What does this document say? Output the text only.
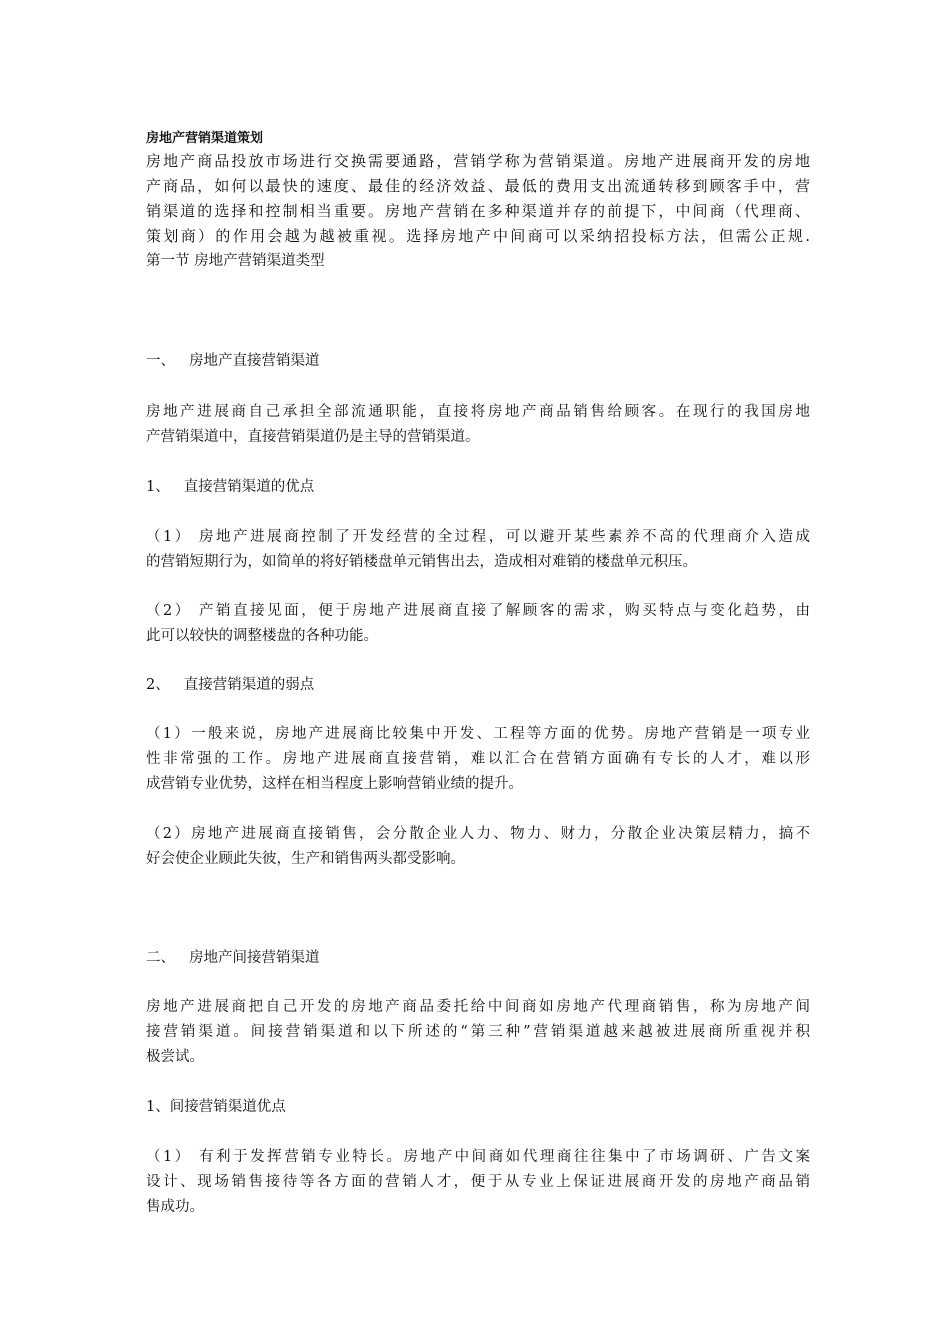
房地产营销渠道策划

房地产商品投放市场进行交换需要通路，营销学称为营销渠道。房地产进展商开发的房地

产商品，如何以最快的速度、最佳的经济效益、最低的费用支出流通转移到顾客手中，营

销渠道的选择和控制相当重要。房地产营销在多种渠道并存的前提下，中间商（代理商、

策划商）的作用会越为越被重视。选择房地产中间商可以采纳招投标方法，但需公正规.

第一节 房地产营销渠道类型
一、 房地产直接营销渠道

房地产进展商自己承担全部流通职能，直接将房地产商品销售给顾客。在现行的我国房地

产营销渠道中，直接营销渠道仍是主导的营销渠道。

1、 直接营销渠道的优点

（1） 房地产进展商控制了开发经营的全过程，可以避开某些素养不高的代理商介入造成

的营销短期行为，如简单的将好销楼盘单元销售出去，造成相对难销的楼盘单元积压。

（2） 产销直接见面，便于房地产进展商直接了解顾客的需求，购买特点与变化趋势，由

此可以较快的调整楼盘的各种功能。

2、 直接营销渠道的弱点

（1）一般来说，房地产进展商比较集中开发、工程等方面的优势。房地产营销是一项专业

性非常强的工作。房地产进展商直接营销，难以汇合在营销方面确有专长的人才，难以形

成营销专业优势，这样在相当程度上影响营销业绩的提升。

（2）房地产进展商直接销售，会分散企业人力、物力、财力，分散企业决策层精力，搞不

好会使企业顾此失彼，生产和销售两头都受影响。

二、 房地产间接营销渠道

房地产进展商把自己开发的房地产商品委托给中间商如房地产代理商销售，称为房地产间

接营销渠道。间接营销渠道和以下所述的“第三种”营销渠道越来越被进展商所重视并积

极尝试。

1、间接营销渠道优点

（1） 有利于发挥营销专业特长。房地产中间商如代理商往往集中了市场调研、广告文案

设计、现场销售接待等各方面的营销人才，便于从专业上保证进展商开发的房地产商品销

售成功。
